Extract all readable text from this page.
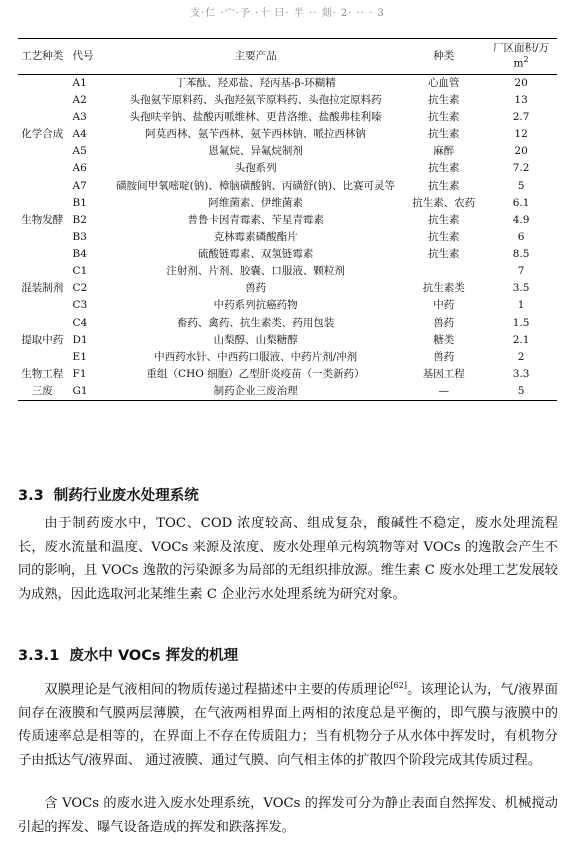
支·仁 ·宀·予 ·十 曰· 半 ·· 剡· 2· ·· · 3​
工艺种类	代号	主要产品	种类	厂区面积/万$m^2$
	A1	丁苯酞、羟邓盐、羟丙基-β-环糊精	心血管	20
	A2	头孢氨苄原料药、头孢羟氨苄原料药、头孢拉定原料药	抗生素	13
	A3	头孢呋辛钠、盐酸丙哌维林、更昔洛维、盐酸弗桂利嗪	抗生素	2.7
化学合成	A4	阿莫西林、氨苄西林、氨苄西林钠、哌拉西林钠	抗生素	12
	A5	恩氟烷、异氟烷制剂	麻醉	20
	A6	头孢系列	抗生素	7.2
	A7	磺胺间甲氧嘧啶(钠)、樟脑磺酸钠、丙磺舒(钠)、比赛可灵等	抗生素	5
	B1	阿维菌素、伊维菌素	抗生素、农药	6.1
生物发酵	B2	普鲁卡因青霉素、苄星青霉素	抗生素	4.9
	B3	克林霉素磷酸酯片	抗生素	6
	B4	硫酸链霉素、双氢链霉素	抗生素	8.5
	C1	注射剂、片剂、胶囊、口服液、颗粒剂		7
混装制剂	C2	兽药	抗生素类	3.5
	C3	中药系列抗癌药物	中药	1
	C4	畜药、禽药、抗生素类、药用包装	兽药	1.5
提取中药	D1	山梨醇、山梨糖醇	糖类	2.1
	E1	中西药水针、中西药口服液、中药片剂/冲剂	兽药	2
生物工程	F1	重组（CHO 细胞）乙型肝炎疫苗（一类新药）	基因工程	3.3
三废	G1	制药企业三废治理	—	5
3.3 制药行业废水处理系统

由于制药废水中，TOC、COD 浓度较高、组成复杂，酸碱性不稳定，废水处理流程长，废水流量和温度、VOCs 来源及浓度、废水处理单元构筑物等对 VOCs 的逸散会产生不同的影响，且 VOCs 逸散的污染源多为局部的无组织排放源。维生素 C 废水处理工艺发展较为成熟，因此选取河北某维生素 C 企业污水处理系统为研究对象。

3.3.1 废水中 VOCs 挥发的机理

双膜理论是气液相间的物质传递过程描述中主要的传质理论[62]。该理论认为，气/液界面间存在液膜和气膜两层薄膜，在气液两相界面上两相的浓度总是平衡的，即气膜与液膜中的传质速率总是相等的，在界面上不存在传质阻力；当有机物分子从水体中挥发时，有机物分子由抵达气/液界面、 通过液膜、通过气膜、向气相主体的扩散四个阶段完成其传质过程。

含 VOCs 的废水进入废水处理系统，VOCs 的挥发可分为静止表面自然挥发、机械搅动引起的挥发、曝气设备造成的挥发和跌落挥发。
